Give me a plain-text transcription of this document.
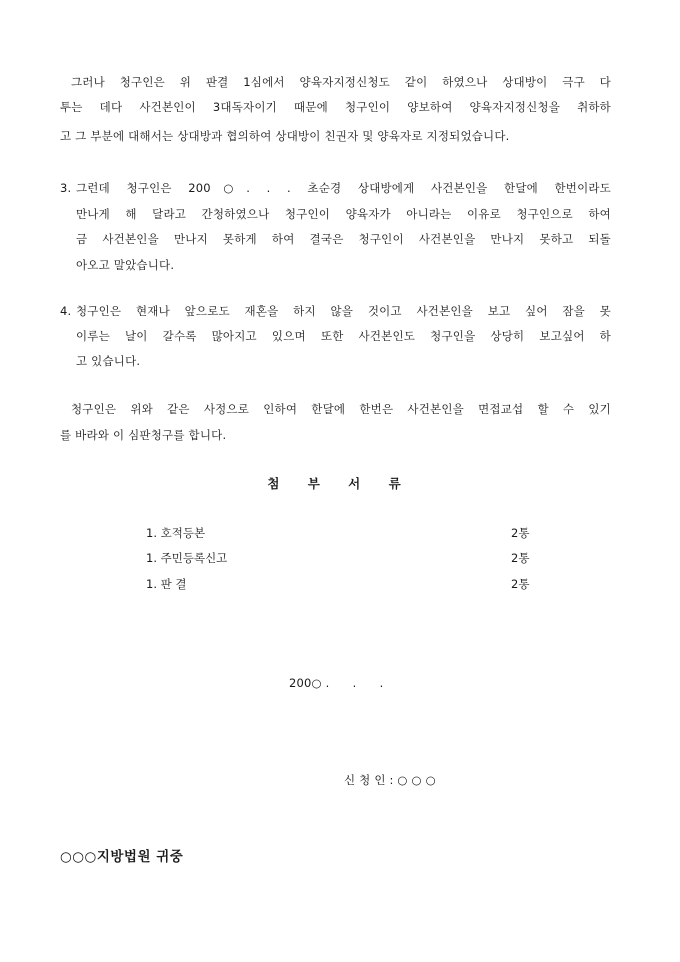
그러나 청구인은 위 판결 1심에서 양육자지정신청도 같이 하였으나 상대방이 극구 다
투는 데다 사건본인이 3대독자이기 때문에 청구인이 양보하여 양육자지정신청을 취하하
고 그 부분에 대해서는 상대방과 협의하여 상대방이 친권자 및 양육자로 지정되었습니다.
3. 그런데 청구인은 200○. . . 초순경 상대방에게 사건본인을 한달에 한번이라도
만나게 해 달라고 간청하였으나 청구인이 양육자가 아니라는 이유로 청구인으로 하여
금 사건본인을 만나지 못하게 하여 결국은 청구인이 사건본인을 만나지 못하고 되돌
아오고 말았습니다.
4. 청구인은 현재나 앞으로도 재혼을 하지 않을 것이고 사건본인을 보고 싶어 잠을 못
이루는 날이 갈수록 많아지고 있으며 또한 사건본인도 청구인을 상당히 보고싶어 하
고 있습니다.
청구인은 위와 같은 사정으로 인하여 한달에 한번은 사건본인을 면접교섭 할 수 있기
를 바라와 이 심판청구를 합니다.
첨 부 서 류
1. 호적등본	2통
1. 주민등록신고	2통
1. 판 결	2통
200○ .      .      .
신 청 인 : ○ ○ ○
○○○지방법원 귀중
